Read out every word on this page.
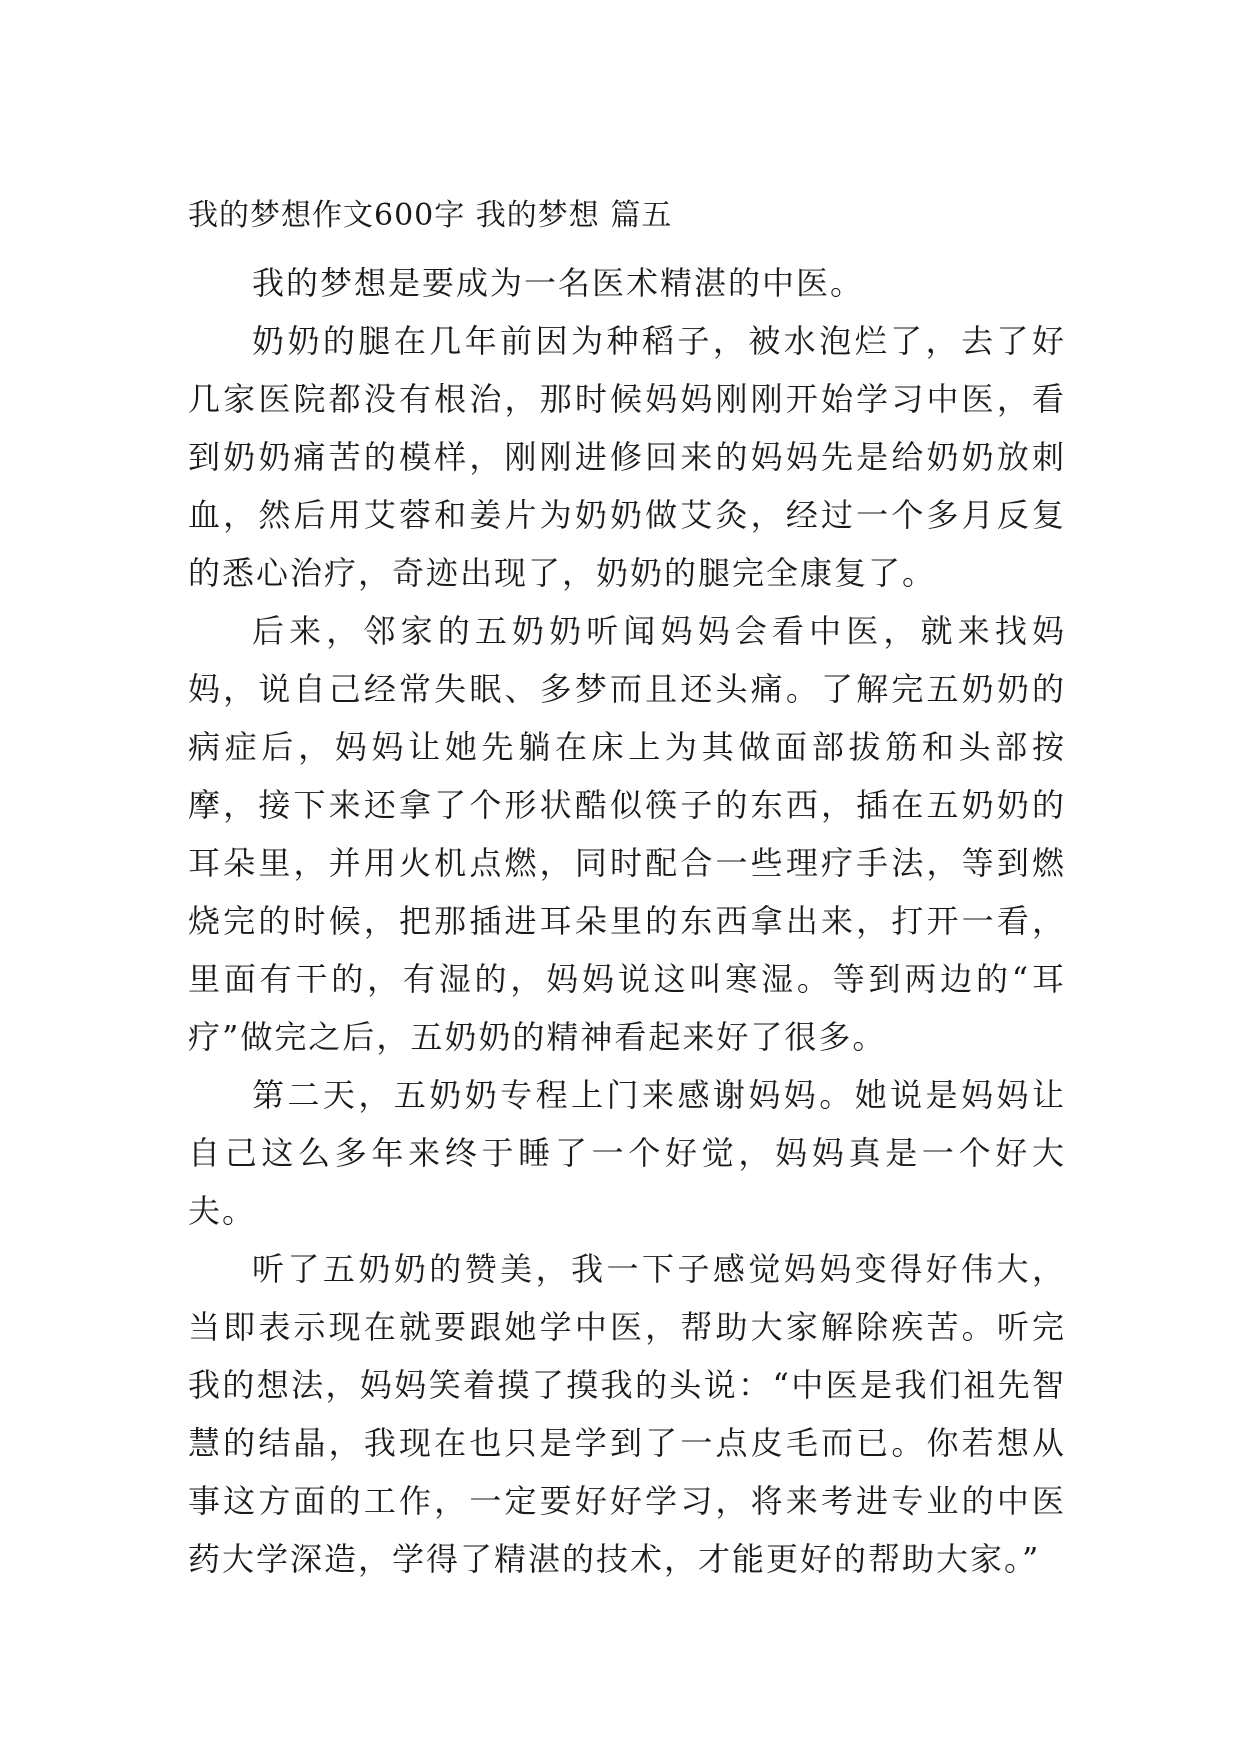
我的梦想作文600字 我的梦想 篇五

我的梦想是要成为一名医术精湛的中医。

奶奶的腿在几年前因为种稻子，被水泡烂了，去了好几家医院都没有根治，那时候妈妈刚刚开始学习中医，看到奶奶痛苦的模样，刚刚进修回来的妈妈先是给奶奶放刺血，然后用艾蓉和姜片为奶奶做艾灸，经过一个多月反复的悉心治疗，奇迹出现了，奶奶的腿完全康复了。

后来，邻家的五奶奶听闻妈妈会看中医，就来找妈妈，说自己经常失眠、多梦而且还头痛。了解完五奶奶的病症后，妈妈让她先躺在床上为其做面部拔筋和头部按摩，接下来还拿了个形状酷似筷子的东西，插在五奶奶的耳朵里，并用火机点燃，同时配合一些理疗手法，等到燃烧完的时候，把那插进耳朵里的东西拿出来，打开一看，里面有干的，有湿的，妈妈说这叫寒湿。等到两边的“耳疗”做完之后，五奶奶的精神看起来好了很多。

第二天，五奶奶专程上门来感谢妈妈。她说是妈妈让自己这么多年来终于睡了一个好觉，妈妈真是一个好大夫。

听了五奶奶的赞美，我一下子感觉妈妈变得好伟大，当即表示现在就要跟她学中医，帮助大家解除疾苦。听完我的想法，妈妈笑着摸了摸我的头说：“中医是我们祖先智慧的结晶，我现在也只是学到了一点皮毛而已。你若想从事这方面的工作，一定要好好学习，将来考进专业的中医药大学深造，学得了精湛的技术，才能更好的帮助大家。”
